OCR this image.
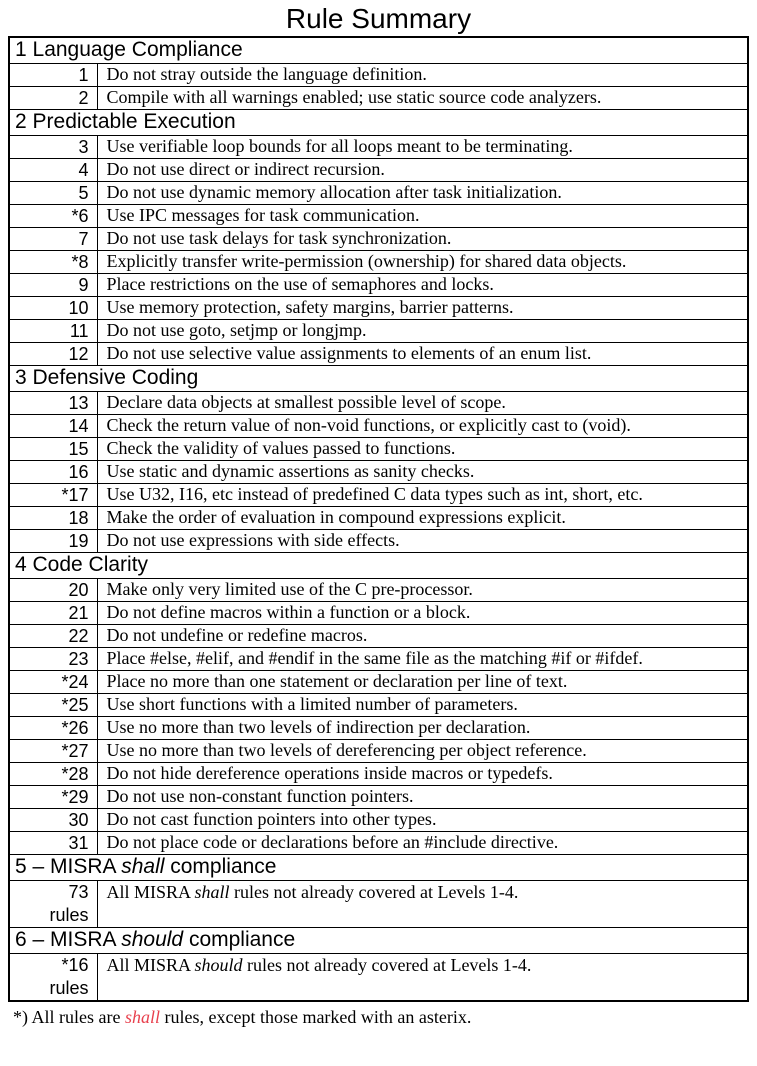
Rule Summary
1 Language Compliance	
1	Do not stray outside the language definition.
2	Compile with all warnings enabled; use static source code analyzers.
2 Predictable Execution	
3	Use verifiable loop bounds for all loops meant to be terminating.
4	Do not use direct or indirect recursion.
5	Do not use dynamic memory allocation after task initialization.
*6	Use IPC messages for task communication.
7	Do not use task delays for task synchronization.
*8	Explicitly transfer write-permission (ownership) for shared data objects.
9	Place restrictions on the use of semaphores and locks.
10	Use memory protection, safety margins, barrier patterns.
11	Do not use goto, setjmp or longjmp.
12	Do not use selective value assignments to elements of an enum list.
3 Defensive Coding	
13	Declare data objects at smallest possible level of scope.
14	Check the return value of non-void functions, or explicitly cast to (void).
15	Check the validity of values passed to functions.
16	Use static and dynamic assertions as sanity checks.
*17	Use U32, I16, etc instead of predefined C data types such as int, short, etc.
18	Make the order of evaluation in compound expressions explicit.
19	Do not use expressions with side effects.
4 Code Clarity	
20	Make only very limited use of the C pre-processor.
21	Do not define macros within a function or a block.
22	Do not undefine or redefine macros.
23	Place #else, #elif, and #endif in the same file as the matching #if or #ifdef.
*24	Place no more than one statement or declaration per line of text.
*25	Use short functions with a limited number of parameters.
*26	Use no more than two levels of indirection per declaration.
*27	Use no more than two levels of dereferencing per object reference.
*28	Do not hide dereference operations inside macros or typedefs.
*29	Do not use non-constant function pointers.
30	Do not cast function pointers into other types.
31	Do not place code or declarations before an #include directive.
5 – MISRA shall compliance	

73
rules	All MISRA shall rules not already covered at Levels 1-4.
6 – MISRA should compliance	

*16
rules	All MISRA should rules not already covered at Levels 1-4.
*) All rules are shall rules, except those marked with an asterix.
